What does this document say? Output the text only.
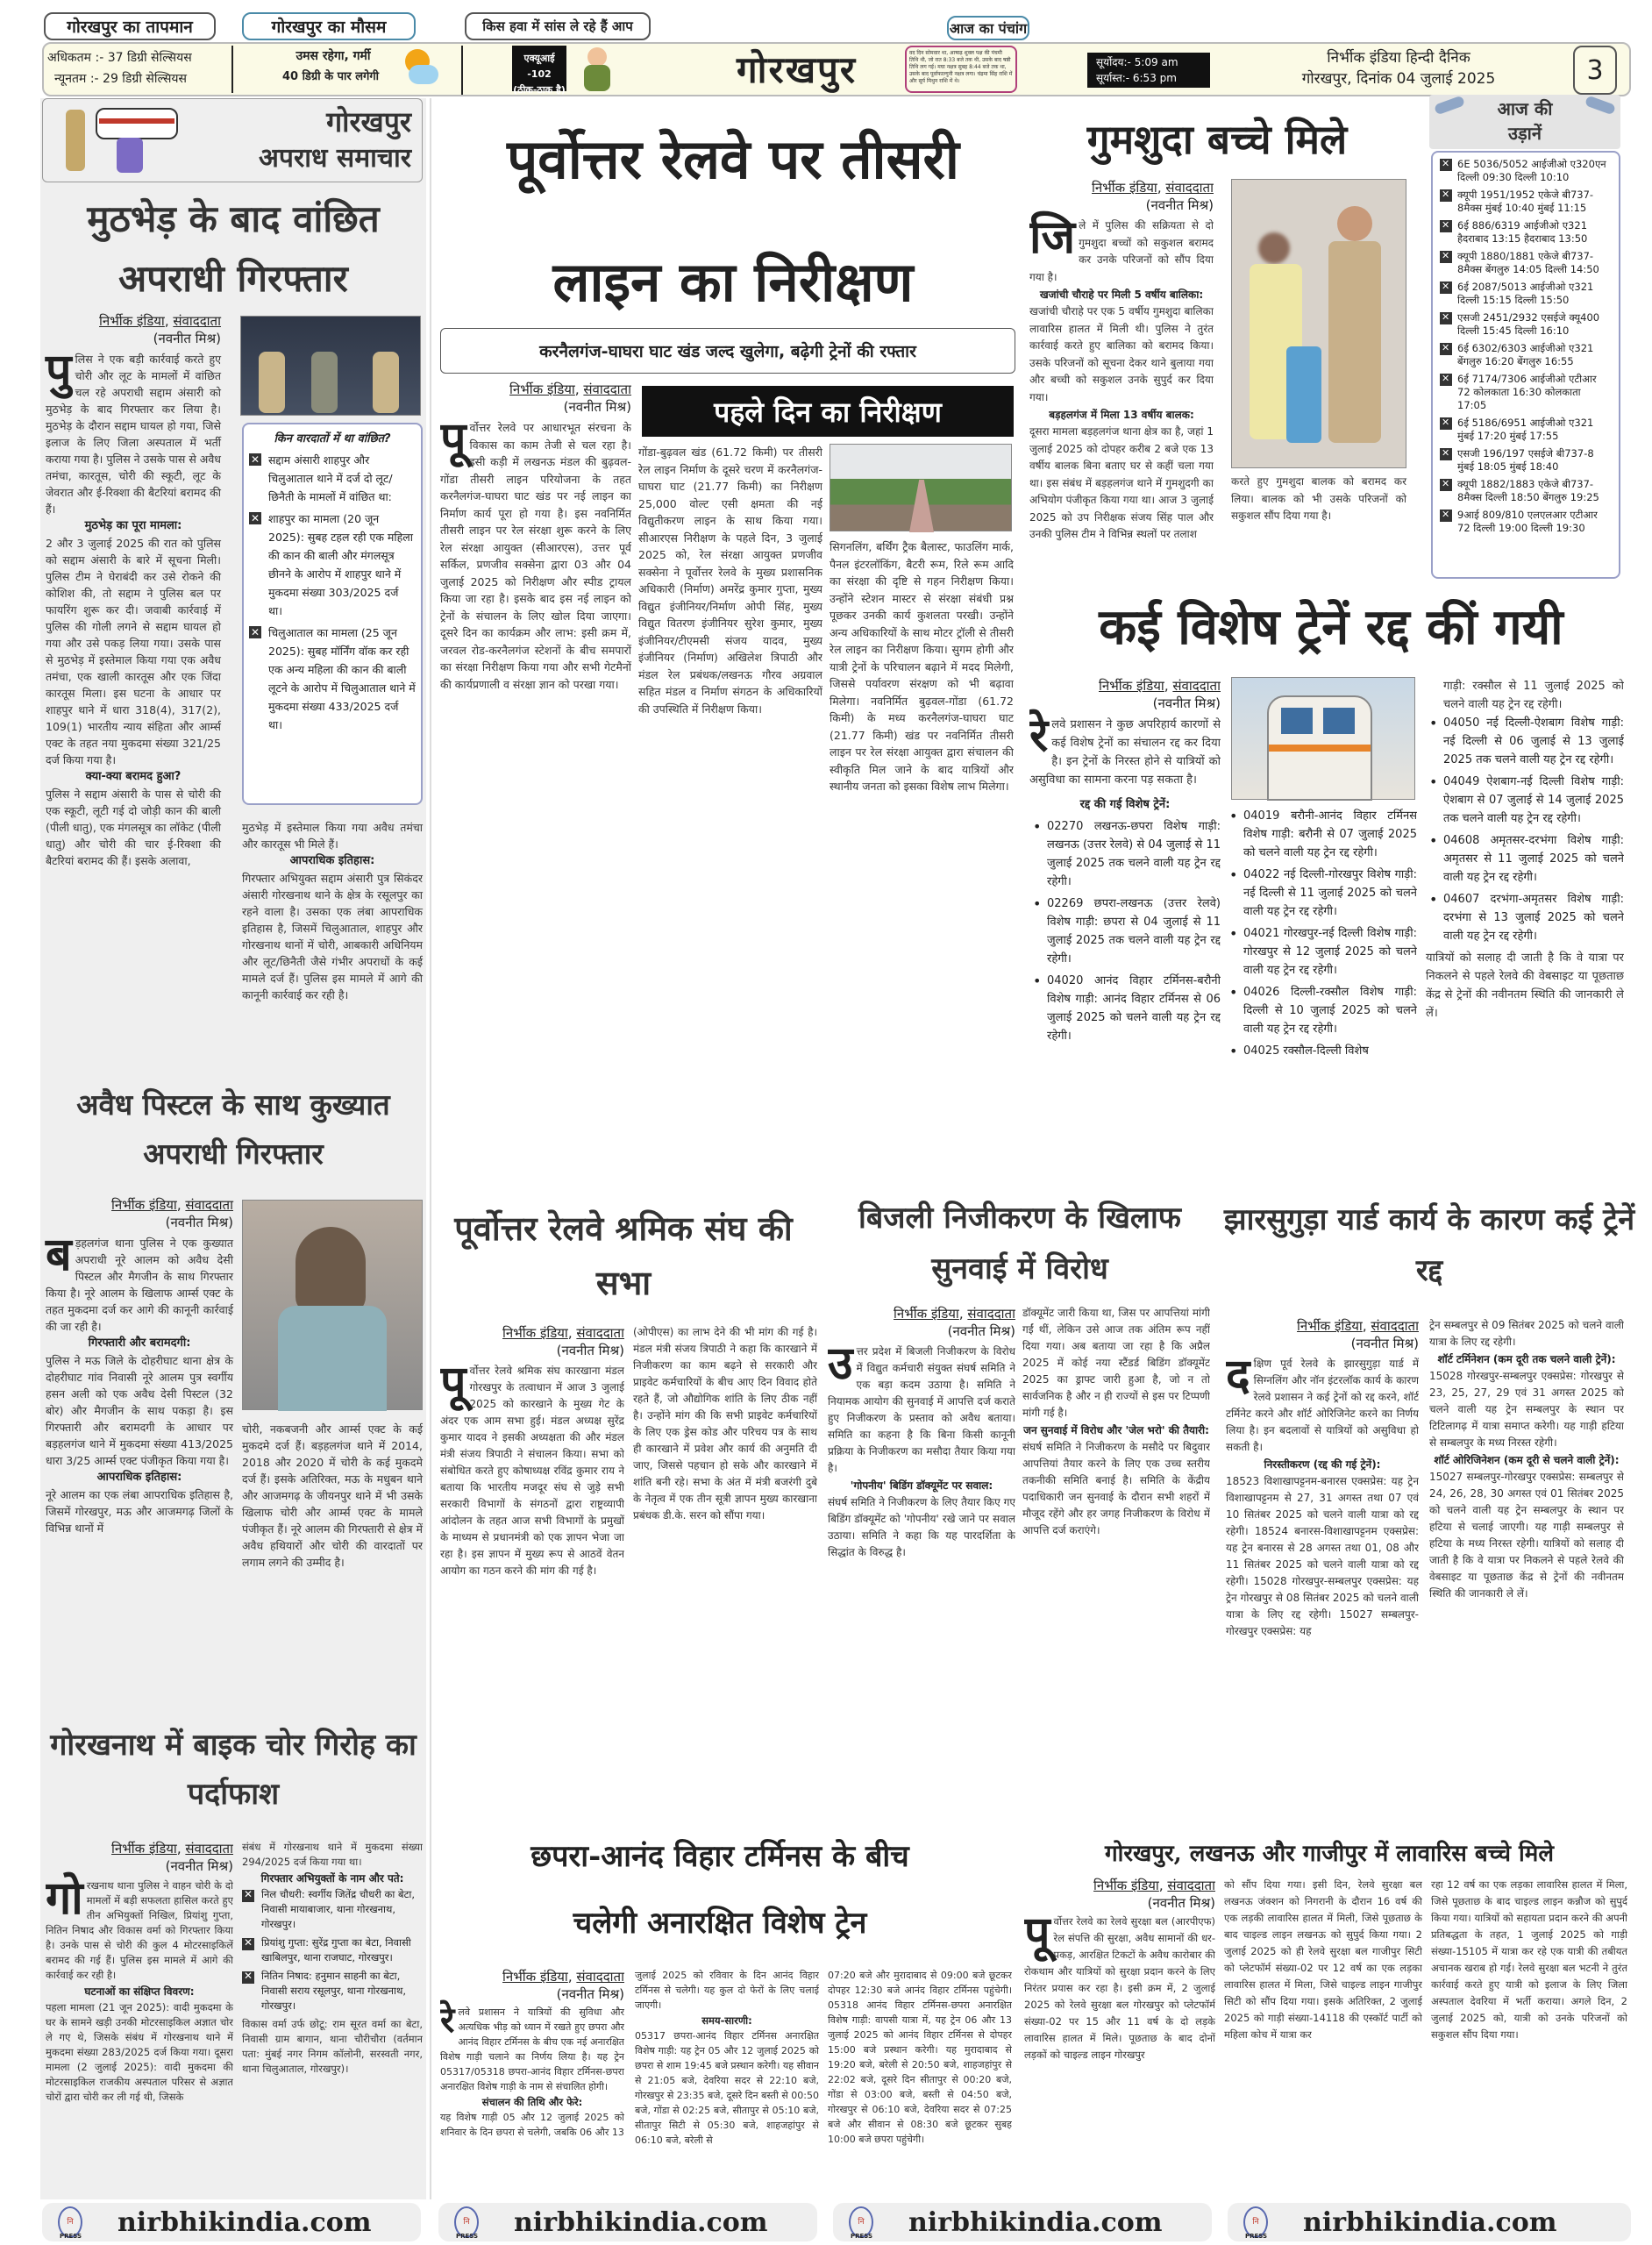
गोरखपुर का तापमान	गोरखपुर का मौसम	किस हवा में सांस ले रहे हैं आप	आज का पंचांग
अधिकतम :- 37 डिग्री सेल्सियस
न्यूनतम :- 29 डिग्री सेल्सियस
उमस रहेगा, गर्मी
40 डिग्री के पार लगेगी
एक्यूआई -102
(ठीक-ठाक है)	गोरखपुर	वद दिन सोमवार था, आषाढ़ शुक्ल पक्ष की पंचमी तिथि थी, जो रात 8:33 बजे तक थी, उसके बाद षष्ठी तिथि लग गई। मघा नक्षत्र सुबह 8:44 बजे तक था, उसके बाद पूर्वाफाल्गुनी नक्षत्र लगा। चंद्रमा सिंह राशि में और सूर्य मिथुन राशि में थे।
सूर्योदय:- 5:09 am
सूर्यास्त:- 6:53 pm
निर्भीक इंडिया हिन्दी दैनिक
गोरखपुर, दिनांक 04 जुलाई 2025	3
गोरखपुर
अपराध समाचार
मुठभेड़ के बाद वांछित अपराधी गिरफ्तार
निर्भीक इंडिया, संवाददाता
(नवनीत मिश्र)
पुलिस ने एक बड़ी कार्रवाई करते हुए चोरी और लूट के मामलों में वांछित चल रहे अपराधी सद्दाम अंसारी को मुठभेड़ के बाद गिरफ्तार कर लिया है। मुठभेड़ के दौरान सद्दाम घायल हो गया, जिसे इलाज के लिए जिला अस्पताल में भर्ती कराया गया है। पुलिस ने उसके पास से अवैध तमंचा, कारतूस, चोरी की स्कूटी, लूट के जेवरात और ई-रिक्शा की बैटरियां बरामद की हैं।
मुठभेड़ का पूरा मामला:
2 और 3 जुलाई 2025 की रात को पुलिस को सद्दाम अंसारी के बारे में सूचना मिली। पुलिस टीम ने घेराबंदी कर उसे रोकने की कोशिश की, तो सद्दाम ने पुलिस बल पर फायरिंग शुरू कर दी। जवाबी कार्रवाई में पुलिस की गोली लगने से सद्दाम घायल हो गया और उसे पकड़ लिया गया। उसके पास से मुठभेड़ में इस्तेमाल किया गया एक अवैध तमंचा, एक खाली कारतूस और एक जिंदा कारतूस मिला। इस घटना के आधार पर शाहपुर थाने में धारा 318(4), 317(2), 109(1) भारतीय न्याय संहिता और आर्म्स एक्ट के तहत नया मुकदमा संख्या 321/25 दर्ज किया गया है।
क्या-क्या बरामद हुआ?
पुलिस ने सद्दाम अंसारी के पास से चोरी की एक स्कूटी, लूटी गई दो जोड़ी कान की बाली (पीली धातु), एक मंगलसूत्र का लॉकेट (पीली धातु) और चोरी की चार ई-रिक्शा की बैटरियां बरामद की हैं। इसके अलावा,
किन वारदातों में था वांछित?
✕
सद्दाम अंसारी शाहपुर और चिलुआताल थाने में दर्ज दो लूट/छिनैती के मामलों में वांछित था:
✕
शाहपुर का मामला (20 जून 2025): सुबह टहल रही एक महिला की कान की बाली और मंगलसूत्र छीनने के आरोप में शाहपुर थाने में मुकदमा संख्या 303/2025 दर्ज था।
✕
चिलुआताल का मामला (25 जून 2025): सुबह मॉर्निंग वॉक कर रही एक अन्य महिला की कान की बाली लूटने के आरोप में चिलुआताल थाने में मुकदमा संख्या 433/2025 दर्ज था।
मुठभेड़ में इस्तेमाल किया गया अवैध तमंचा और कारतूस भी मिले हैं।
आपराधिक इतिहास:
गिरफ्तार अभियुक्त सद्दाम अंसारी पुत्र सिकंदर अंसारी गोरखनाथ थाने के क्षेत्र के रसूलपुर का रहने वाला है। उसका एक लंबा आपराधिक इतिहास है, जिसमें चिलुआताल, शाहपुर और गोरखनाथ थानों में चोरी, आबकारी अधिनियम और लूट/छिनैती जैसे गंभीर अपराधों के कई मामले दर्ज हैं। पुलिस इस मामले में आगे की कानूनी कार्रवाई कर रही है।
अवैध पिस्टल के साथ कुख्यात अपराधी गिरफ्तार
निर्भीक इंडिया, संवाददाता
(नवनीत मिश्र)
बड़हलगंज थाना पुलिस ने एक कुख्यात अपराधी नूरे आलम को अवैध देसी पिस्टल और मैगजीन के साथ गिरफ्तार किया है। नूरे आलम के खिलाफ आर्म्स एक्ट के तहत मुकदमा दर्ज कर आगे की कानूनी कार्रवाई की जा रही है।
गिरफ्तारी और बरामदगी:
पुलिस ने मऊ जिले के दोहरीघाट थाना क्षेत्र के दोहरीघाट गांव निवासी नूरे आलम पुत्र स्वर्गीय हसन अली को एक अवैध देसी पिस्टल (32 बोर) और मैगजीन के साथ पकड़ा है। इस गिरफ्तारी और बरामदगी के आधार पर बड़हलगंज थाने में मुकदमा संख्या 413/2025 धारा 3/25 आर्म्स एक्ट पंजीकृत किया गया है।
आपराधिक इतिहास:
नूरे आलम का एक लंबा आपराधिक इतिहास है, जिसमें गोरखपुर, मऊ और आजमगढ़ जिलों के विभिन्न थानों में
चोरी, नकबजनी और आर्म्स एक्ट के कई मुकदमे दर्ज हैं। बड़हलगंज थाने में 2014, 2018 और 2020 में चोरी के कई मुकदमे दर्ज हैं। इसके अतिरिक्त, मऊ के मधुबन थाने और आजमगढ़ के जीयनपुर थाने में भी उसके खिलाफ चोरी और आर्म्स एक्ट के मामले पंजीकृत हैं। नूरे आलम की गिरफ्तारी से क्षेत्र में अवैध हथियारों और चोरी की वारदातों पर लगाम लगने की उम्मीद है।
गोरखनाथ में बाइक चोर गिरोह का पर्दाफाश
निर्भीक इंडिया, संवाददाता
(नवनीत मिश्र)
गोरखनाथ थाना पुलिस ने वाहन चोरी के दो मामलों में बड़ी सफलता हासिल करते हुए तीन अभियुक्तों निखिल, प्रियांशु गुप्ता, नितिन निषाद और विकास वर्मा को गिरफ्तार किया है। उनके पास से चोरी की कुल 4 मोटरसाइकिलें बरामद की गई हैं। पुलिस इस मामले में आगे की कार्रवाई कर रही है।
घटनाओं का संक्षिप्त विवरण:
पहला मामला (21 जून 2025): वादी मुकदमा के घर के सामने खड़ी उनकी मोटरसाइकिल अज्ञात चोर ले गए थे, जिसके संबंध में गोरखनाथ थाने में मुकदमा संख्या 283/2025 दर्ज किया गया। दूसरा मामला (2 जुलाई 2025): वादी मुकदमा की मोटरसाइकिल राजकीय अस्पताल परिसर से अज्ञात चोरों द्वारा चोरी कर ली गई थी, जिसके
संबंध में गोरखनाथ थाने में मुकदमा संख्या 294/2025 दर्ज किया गया था।
गिरफ्तार अभियुक्तों के नाम और पते:
✕
निल चौधरी: स्वर्गीय जितेंद्र चौधरी का बेटा, निवासी मायाबाजार, थाना गोरखनाथ, गोरखपुर।
✕
प्रियांशु गुप्ता: सुरेंद्र गुप्ता का बेटा, निवासी खाबिलपुर, थाना राजघाट, गोरखपुर।
✕
नितिन निषाद: हनुमान साहनी का बेटा, निवासी सराय रसूलपुर, थाना गोरखनाथ, गोरखपुर।
विकास वर्मा उर्फ छोटू: राम सूरत वर्मा का बेटा, निवासी ग्राम बागान, थाना चौरीचौरा (वर्तमान पता: मुंबई नगर निगम कॉलोनी, सरस्वती नगर, थाना चिलुआताल, गोरखपुर)।
पूर्वोत्तर रेलवे पर तीसरी
लाइन का निरीक्षण
करनैलगंज-घाघरा घाट खंड जल्द खुलेगा, बढ़ेगी ट्रेनों की रफ्तार
पहले दिन का निरीक्षण
निर्भीक इंडिया, संवाददाता
(नवनीत मिश्र)
पूर्वोत्तर रेलवे पर आधारभूत संरचना के विकास का काम तेजी से चल रहा है। इसी कड़ी में लखनऊ मंडल की बुढ़वल-गोंडा तीसरी लाइन परियोजना के तहत करनैलगंज-घाघरा घाट खंड पर नई लाइन का निर्माण कार्य पूरा हो गया है। इस नवनिर्मित तीसरी लाइन पर रेल संरक्षा शुरू करने के लिए रेल संरक्षा आयुक्त (सीआरएस), उत्तर पूर्व सर्किल, प्रणजीव सक्सेना द्वारा 03 और 04 जुलाई 2025 को निरीक्षण और स्पीड ट्रायल किया जा रहा है। इसके बाद इस नई लाइन को ट्रेनों के संचालन के लिए खोल दिया जाएगा। दूसरे दिन का कार्यक्रम और लाभ: इसी क्रम में, जरवल रोड-करनैलगंज स्टेशनों के बीच समपारों का संरक्षा निरीक्षण किया गया और सभी गेटमैनों की कार्यप्रणाली व संरक्षा ज्ञान को परखा गया।
गोंडा-बुढ़वल खंड (61.72 किमी) पर तीसरी रेल लाइन निर्माण के दूसरे चरण में करनैलगंज-घाघरा घाट (21.77 किमी) का निरीक्षण 25,000 वोल्ट एसी क्षमता की नई विद्युतीकरण लाइन के साथ किया गया। सीआरएस निरीक्षण के पहले दिन, 3 जुलाई 2025 को, रेल संरक्षा आयुक्त प्रणजीव सक्सेना ने पूर्वोत्तर रेलवे के मुख्य प्रशासनिक अधिकारी (निर्माण) अमरेंद्र कुमार गुप्ता, मुख्य विद्युत इंजीनियर/निर्माण ओपी सिंह, मुख्य विद्युत वितरण इंजीनियर सुरेश कुमार, मुख्य इंजीनियर/टीएमसी संजय यादव, मुख्य इंजीनियर (निर्माण) अखिलेश त्रिपाठी और मंडल रेल प्रबंधक/लखनऊ गौरव अग्रवाल सहित मंडल व निर्माण संगठन के अधिकारियों की उपस्थिति में निरीक्षण किया।
सिगनलिंग, बर्थिंग ट्रैक बैलास्ट, फाउलिंग मार्क, पैनल इंटरलॉकिंग, बैटरी रूम, रिले रूम आदि का संरक्षा की दृष्टि से गहन निरीक्षण किया। उन्होंने स्टेशन मास्टर से संरक्षा संबंधी प्रश्न पूछकर उनकी कार्य कुशलता परखी। उन्होंने अन्य अधिकारियों के साथ मोटर ट्रॉली से तीसरी रेल लाइन का निरीक्षण किया। सुगम होगी और यात्री ट्रेनों के परिचालन बढ़ाने में मदद मिलेगी, जिससे पर्यावरण संरक्षण को भी बढ़ावा मिलेगा। नवनिर्मित बुढ़वल-गोंडा (61.72 किमी) के मध्य करनैलगंज-घाघरा घाट (21.77 किमी) खंड पर नवनिर्मित तीसरी लाइन पर रेल संरक्षा आयुक्त द्वारा संचालन की स्वीकृति मिल जाने के बाद यात्रियों और स्थानीय जनता को इसका विशेष लाभ मिलेगा।
पूर्वोत्तर रेलवे श्रमिक संघ की सभा
निर्भीक इंडिया, संवाददाता
(नवनीत मिश्र)
पूर्वोत्तर रेलवे श्रमिक संघ कारखाना मंडल गोरखपुर के तत्वाधान में आज 3 जुलाई 2025 को कारखाने के मुख्य गेट के अंदर एक आम सभा हुई। मंडल अध्यक्ष सुरेंद्र कुमार यादव ने इसकी अध्यक्षता की और मंडल मंत्री संजय त्रिपाठी ने संचालन किया। सभा को संबोधित करते हुए कोषाध्यक्ष रविंद्र कुमार राय ने बताया कि भारतीय मजदूर संघ से जुड़े सभी सरकारी विभागों के संगठनों द्वारा राष्ट्रव्यापी आंदोलन के तहत आज सभी विभागों के प्रमुखों के माध्यम से प्रधानमंत्री को एक ज्ञापन भेजा जा रहा है। इस ज्ञापन में मुख्य रूप से आठवें वेतन आयोग का गठन करने की मांग की गई है।
(ओपीएस) का लाभ देने की भी मांग की गई है। मंडल मंत्री संजय त्रिपाठी ने कहा कि कारखाने में निजीकरण का काम बढ़ने से सरकारी और प्राइवेट कर्मचारियों के बीच आए दिन विवाद होते रहते हैं, जो औद्योगिक शांति के लिए ठीक नहीं है। उन्होंने मांग की कि सभी प्राइवेट कर्मचारियों के लिए एक ड्रेस कोड और परिचय पत्र के साथ ही कारखाने में प्रवेश और कार्य की अनुमति दी जाए, जिससे पहचान हो सके और कारखाने में शांति बनी रहे। सभा के अंत में मंत्री बजरंगी दुबे के नेतृत्व में एक तीन सूत्री ज्ञापन मुख्य कारखाना प्रबंधक डी.के. सरन को सौंपा गया।
बिजली निजीकरण के खिलाफ सुनवाई में विरोध
निर्भीक इंडिया, संवाददाता
(नवनीत मिश्र)
उत्तर प्रदेश में बिजली निजीकरण के विरोध में विद्युत कर्मचारी संयुक्त संघर्ष समिति ने एक बड़ा कदम उठाया है। समिति ने नियामक आयोग की सुनवाई में आपत्ति दर्ज कराते हुए निजीकरण के प्रस्ताव को अवैध बताया। समिति का कहना है कि बिना किसी कानूनी प्रक्रिया के निजीकरण का मसौदा तैयार किया गया है।
'गोपनीय' बिडिंग डॉक्यूमेंट पर सवाल:
संघर्ष समिति ने निजीकरण के लिए तैयार किए गए बिडिंग डॉक्यूमेंट को 'गोपनीय' रखे जाने पर सवाल उठाया। समिति ने कहा कि यह पारदर्शिता के सिद्धांत के विरुद्ध है।
डॉक्यूमेंट जारी किया था, जिस पर आपत्तियां मांगी गईं थीं, लेकिन उसे आज तक अंतिम रूप नहीं दिया गया। अब बताया जा रहा है कि अप्रैल 2025 में कोई नया स्टैंडर्ड बिडिंग डॉक्यूमेंट 2025 का ड्राफ्ट जारी हुआ है, जो न तो सार्वजनिक है और न ही राज्यों से इस पर टिप्पणी मांगी गई है।
जन सुनवाई में विरोध और 'जेल भरो' की तैयारी:
संघर्ष समिति ने निजीकरण के मसौदे पर बिदुवार आपत्तियां तैयार करने के लिए एक उच्च स्तरीय तकनीकी समिति बनाई है। समिति के केंद्रीय पदाधिकारी जन सुनवाई के दौरान सभी शहरों में मौजूद रहेंगे और हर जगह निजीकरण के विरोध में आपत्ति दर्ज कराएंगे।
गुमशुदा बच्चे मिले
निर्भीक इंडिया, संवाददाता
(नवनीत मिश्र)
जिले में पुलिस की सक्रियता से दो गुमशुदा बच्चों को सकुशल बरामद कर उनके परिजनों को सौंप दिया गया है।
खजांची चौराहे पर मिली 5 वर्षीय बालिका:
खजांची चौराहे पर एक 5 वर्षीय गुमशुदा बालिका लावारिस हालत में मिली थी। पुलिस ने तुरंत कार्रवाई करते हुए बालिका को बरामद किया। उसके परिजनों को सूचना देकर थाने बुलाया गया और बच्ची को सकुशल उनके सुपुर्द कर दिया गया।
बड़हलगंज में मिला 13 वर्षीय बालक:
दूसरा मामला बड़हलगंज थाना क्षेत्र का है, जहां 1 जुलाई 2025 को दोपहर करीब 2 बजे एक 13 वर्षीय बालक बिना बताए घर से कहीं चला गया था। इस संबंध में बड़हलगंज थाने में गुमशुदगी का अभियोग पंजीकृत किया गया था। आज 3 जुलाई 2025 को उप निरीक्षक संजय सिंह पाल और उनकी पुलिस टीम ने विभिन्न स्थलों पर तलाश
करते हुए गुमशुदा बालक को बरामद कर लिया। बालक को भी उसके परिजनों को सकुशल सौंप दिया गया है।
आज की
उड़ानें
✕
6E 5036/5052 आईजीओ ए320एन दिल्ली 09:30 दिल्ली 10:10
✕
क्यूपी 1951/1952 एकेजे बी737-8मैक्स मुंबई 10:40 मुंबई 11:15
✕
6ई 886/6319 आईजीओ ए321 हैदराबाद 13:15 हैदराबाद 13:50
✕
क्यूपी 1880/1881 एकेजे बी737-8मैक्स बेंगलुरु 14:05 दिल्ली 14:50
✕
6ई 2087/5013 आईजीओ ए321 दिल्ली 15:15 दिल्ली 15:50
✕
एसजी 2451/2932 एसईजे क्यू400 दिल्ली 15:45 दिल्ली 16:10
✕
6ई 6302/6303 आईजीओ ए321 बेंगलुरु 16:20 बेंगलुरु 16:55
✕
6ई 7174/7306 आईजीओ एटीआर 72 कोलकाता 16:30 कोलकाता 17:05
✕
6ई 5186/6951 आईजीओ ए321 मुंबई 17:20 मुंबई 17:55
✕
एसजी 196/197 एसईजे बी737-8 मुंबई 18:05 मुंबई 18:40
✕
क्यूपी 1882/1883 एकेजे बी737-8मैक्स दिल्ली 18:50 बेंगलुरु 19:25
✕
9आई 809/810 एलएलआर एटीआर 72 दिल्ली 19:00 दिल्ली 19:30
कई विशेष ट्रेनें रद्द कीं गयी
निर्भीक इंडिया, संवाददाता
(नवनीत मिश्र)
रेलवे प्रशासन ने कुछ अपरिहार्य कारणों से कई विशेष ट्रेनों का संचालन रद्द कर दिया है। इन ट्रेनों के निरस्त होने से यात्रियों को असुविधा का सामना करना पड़ सकता है।
रद्द की गई विशेष ट्रेनें:
• 02270 लखनऊ-छपरा विशेष गाड़ी: लखनऊ (उत्तर रेलवे) से 04 जुलाई से 11 जुलाई 2025 तक चलने वाली यह ट्रेन रद्द रहेगी।
• 02269 छपरा-लखनऊ (उत्तर रेलवे) विशेष गाड़ी: छपरा से 04 जुलाई से 11 जुलाई 2025 तक चलने वाली यह ट्रेन रद्द रहेगी।
• 04020 आनंद विहार टर्मिनस-बरौनी विशेष गाड़ी: आनंद विहार टर्मिनस से 06 जुलाई 2025 को चलने वाली यह ट्रेन रद्द रहेगी।
• 04019 बरौनी-आनंद विहार टर्मिनस विशेष गाड़ी: बरौनी से 07 जुलाई 2025 को चलने वाली यह ट्रेन रद्द रहेगी।
• 04022 नई दिल्ली-गोरखपुर विशेष गाड़ी: नई दिल्ली से 11 जुलाई 2025 को चलने वाली यह ट्रेन रद्द रहेगी।
• 04021 गोरखपुर-नई दिल्ली विशेष गाड़ी: गोरखपुर से 12 जुलाई 2025 को चलने वाली यह ट्रेन रद्द रहेगी।
• 04026 दिल्ली-रक्सौल विशेष गाड़ी: दिल्ली से 10 जुलाई 2025 को चलने वाली यह ट्रेन रद्द रहेगी।
• 04025 रक्सौल-दिल्ली विशेष
गाड़ी: रक्सौल से 11 जुलाई 2025 को चलने वाली यह ट्रेन रद्द रहेगी।
• 04050 नई दिल्ली-ऐशबाग विशेष गाड़ी: नई दिल्ली से 06 जुलाई से 13 जुलाई 2025 तक चलने वाली यह ट्रेन रद्द रहेगी।
• 04049 ऐशबाग-नई दिल्ली विशेष गाड़ी: ऐशबाग से 07 जुलाई से 14 जुलाई 2025 तक चलने वाली यह ट्रेन रद्द रहेगी।
• 04608 अमृतसर-दरभंगा विशेष गाड़ी: अमृतसर से 11 जुलाई 2025 को चलने वाली यह ट्रेन रद्द रहेगी।
• 04607 दरभंगा-अमृतसर विशेष गाड़ी: दरभंगा से 13 जुलाई 2025 को चलने वाली यह ट्रेन रद्द रहेगी।
यात्रियों को सलाह दी जाती है कि वे यात्रा पर निकलने से पहले रेलवे की वेबसाइट या पूछताछ केंद्र से ट्रेनों की नवीनतम स्थिति की जानकारी ले लें।
झारसुगुड़ा यार्ड कार्य के कारण कई ट्रेनें रद्द
निर्भीक इंडिया, संवाददाता
(नवनीत मिश्र)
दक्षिण पूर्व रेलवे के झारसुगुड़ा यार्ड में सिग्नलिंग और नॉन इंटरलॉक कार्य के कारण रेलवे प्रशासन ने कई ट्रेनों को रद्द करने, शॉर्ट टर्मिनेट करने और शॉर्ट ओरिजिनेट करने का निर्णय लिया है। इन बदलावों से यात्रियों को असुविधा हो सकती है।
निरस्तीकरण (रद्द की गई ट्रेनें):
18523 विशाखापट्टनम-बनारस एक्सप्रेस: यह ट्रेन विशाखापट्टनम से 27, 31 अगस्त तथा 07 एवं 10 सितंबर 2025 को चलने वाली यात्रा को रद्द रहेगी। 18524 बनारस-विशाखापट्टनम एक्सप्रेस: यह ट्रेन बनारस से 28 अगस्त तथा 01, 08 और 11 सितंबर 2025 को चलने वाली यात्रा को रद्द रहेगी। 15028 गोरखपुर-सम्बलपुर एक्सप्रेस: यह ट्रेन गोरखपुर से 08 सितंबर 2025 को चलने वाली यात्रा के लिए रद्द रहेगी। 15027 सम्बलपुर-गोरखपुर एक्सप्रेस: यह
ट्रेन सम्बलपुर से 09 सितंबर 2025 को चलने वाली यात्रा के लिए रद्द रहेगी।
शॉर्ट टर्मिनेशन (कम दूरी तक चलने वाली ट्रेनें):
15028 गोरखपुर-सम्बलपुर एक्सप्रेस: गोरखपुर से 23, 25, 27, 29 एवं 31 अगस्त 2025 को चलने वाली यह ट्रेन सम्बलपुर के स्थान पर टिटिलागढ़ में यात्रा समाप्त करेगी। यह गाड़ी हटिया से सम्बलपुर के मध्य निरस्त रहेगी।
शॉर्ट ओरिजिनेशन (कम दूरी से चलने वाली ट्रेनें):
15027 सम्बलपुर-गोरखपुर एक्सप्रेस: सम्बलपुर से 24, 26, 28, 30 अगस्त एवं 01 सितंबर 2025 को चलने वाली यह ट्रेन सम्बलपुर के स्थान पर हटिया से चलाई जाएगी। यह गाड़ी सम्बलपुर से हटिया के मध्य निरस्त रहेगी। यात्रियों को सलाह दी जाती है कि वे यात्रा पर निकलने से पहले रेलवे की वेबसाइट या पूछताछ केंद्र से ट्रेनों की नवीनतम स्थिति की जानकारी ले लें।
छपरा-आनंद विहार टर्मिनस के बीच
चलेगी अनारक्षित विशेष ट्रेन
निर्भीक इंडिया, संवाददाता
(नवनीत मिश्र)
रेलवे प्रशासन ने यात्रियों की सुविधा और अत्यधिक भीड़ को ध्यान में रखते हुए छपरा और आनंद विहार टर्मिनस के बीच एक नई अनारक्षित विशेष गाड़ी चलाने का निर्णय लिया है। यह ट्रेन 05317/05318 छपरा-आनंद विहार टर्मिनस-छपरा अनारक्षित विशेष गाड़ी के नाम से संचालित होगी।
संचालन की तिथि और फेरे:
यह विशेष गाड़ी 05 और 12 जुलाई 2025 को शनिवार के दिन छपरा से चलेगी, जबकि 06 और 13
जुलाई 2025 को रविवार के दिन आनंद विहार टर्मिनस से चलेगी। यह कुल दो फेरों के लिए चलाई जाएगी।
समय-सारणी:
05317 छपरा-आनंद विहार टर्मिनस अनारक्षित विशेष गाड़ी: यह ट्रेन 05 और 12 जुलाई 2025 को छपरा से शाम 19:45 बजे प्रस्थान करेगी। यह सीवान से 21:05 बजे, देवरिया सदर से 22:10 बजे, गोरखपुर से 23:35 बजे, दूसरे दिन बस्ती से 00:50 बजे, गोंडा से 02:25 बजे, सीतापुर से 05:10 बजे, सीतापुर सिटी से 05:30 बजे, शाहजहांपुर से 06:10 बजे, बरेली से
07:20 बजे और मुरादाबाद से 09:00 बजे छूटकर दोपहर 12:30 बजे आनंद विहार टर्मिनस पहुंचेगी। 05318 आनंद विहार टर्मिनस-छपरा अनारक्षित विशेष गाड़ी: वापसी यात्रा में, यह ट्रेन 06 और 13 जुलाई 2025 को आनंद विहार टर्मिनस से दोपहर 15:00 बजे प्रस्थान करेगी। यह मुरादाबाद से 19:20 बजे, बरेली से 20:50 बजे, शाहजहांपुर से 22:02 बजे, दूसरे दिन सीतापुर से 00:20 बजे, गोंडा से 03:00 बजे, बस्ती से 04:50 बजे, गोरखपुर से 06:10 बजे, देवरिया सदर से 07:25 बजे और सीवान से 08:30 बजे छूटकर सुबह 10:00 बजे छपरा पहुंचेगी।
गोरखपुर, लखनऊ और गाजीपुर में लावारिस बच्चे मिले
निर्भीक इंडिया, संवाददाता
(नवनीत मिश्र)
पूर्वोत्तर रेलवे का रेलवे सुरक्षा बल (आरपीएफ) रेल संपत्ति की सुरक्षा, अवैध सामानों की धर-पकड़, आरक्षित टिकटों के अवैध कारोबार की रोकथाम और यात्रियों को सुरक्षा प्रदान करने के लिए निरंतर प्रयास कर रहा है। इसी क्रम में, 2 जुलाई 2025 को रेलवे सुरक्षा बल गोरखपुर को प्लेटफॉर्म संख्या-02 पर 15 और 11 वर्ष के दो लड़के लावारिस हालत में मिले। पूछताछ के बाद दोनों लड़कों को चाइल्ड लाइन गोरखपुर
को सौंप दिया गया। इसी दिन, रेलवे सुरक्षा बल लखनऊ जंक्शन को निगरानी के दौरान 16 वर्ष की एक लड़की लावारिस हालत में मिली, जिसे पूछताछ के बाद चाइल्ड लाइन लखनऊ को सुपुर्द किया गया। 2 जुलाई 2025 को ही रेलवे सुरक्षा बल गाजीपुर सिटी को प्लेटफॉर्म संख्या-02 पर 12 वर्ष का एक लड़का लावारिस हालत में मिला, जिसे चाइल्ड लाइन गाजीपुर सिटी को सौंप दिया गया। इसके अतिरिक्त, 2 जुलाई 2025 को गाड़ी संख्या-14118 की एस्कॉर्ट पार्टी को महिला कोच में यात्रा कर
रहा 12 वर्ष का एक लड़का लावारिस हालत में मिला, जिसे पूछताछ के बाद चाइल्ड लाइन कन्नौज को सुपुर्द किया गया। यात्रियों को सहायता प्रदान करने की अपनी प्रतिबद्धता के तहत, 1 जुलाई 2025 को गाड़ी संख्या-15105 में यात्रा कर रहे एक यात्री की तबीयत अचानक खराब हो गई। रेलवे सुरक्षा बल भटनी ने तुरंत कार्रवाई करते हुए यात्री को इलाज के लिए जिला अस्पताल देवरिया में भर्ती कराया। अगले दिन, 2 जुलाई 2025 को, यात्री को उनके परिजनों को सकुशल सौंप दिया गया।
नि
PRESS nirbhikindia.com	नि
PRESS nirbhikindia.com	नि
PRESS nirbhikindia.com	नि
PRESS nirbhikindia.com
